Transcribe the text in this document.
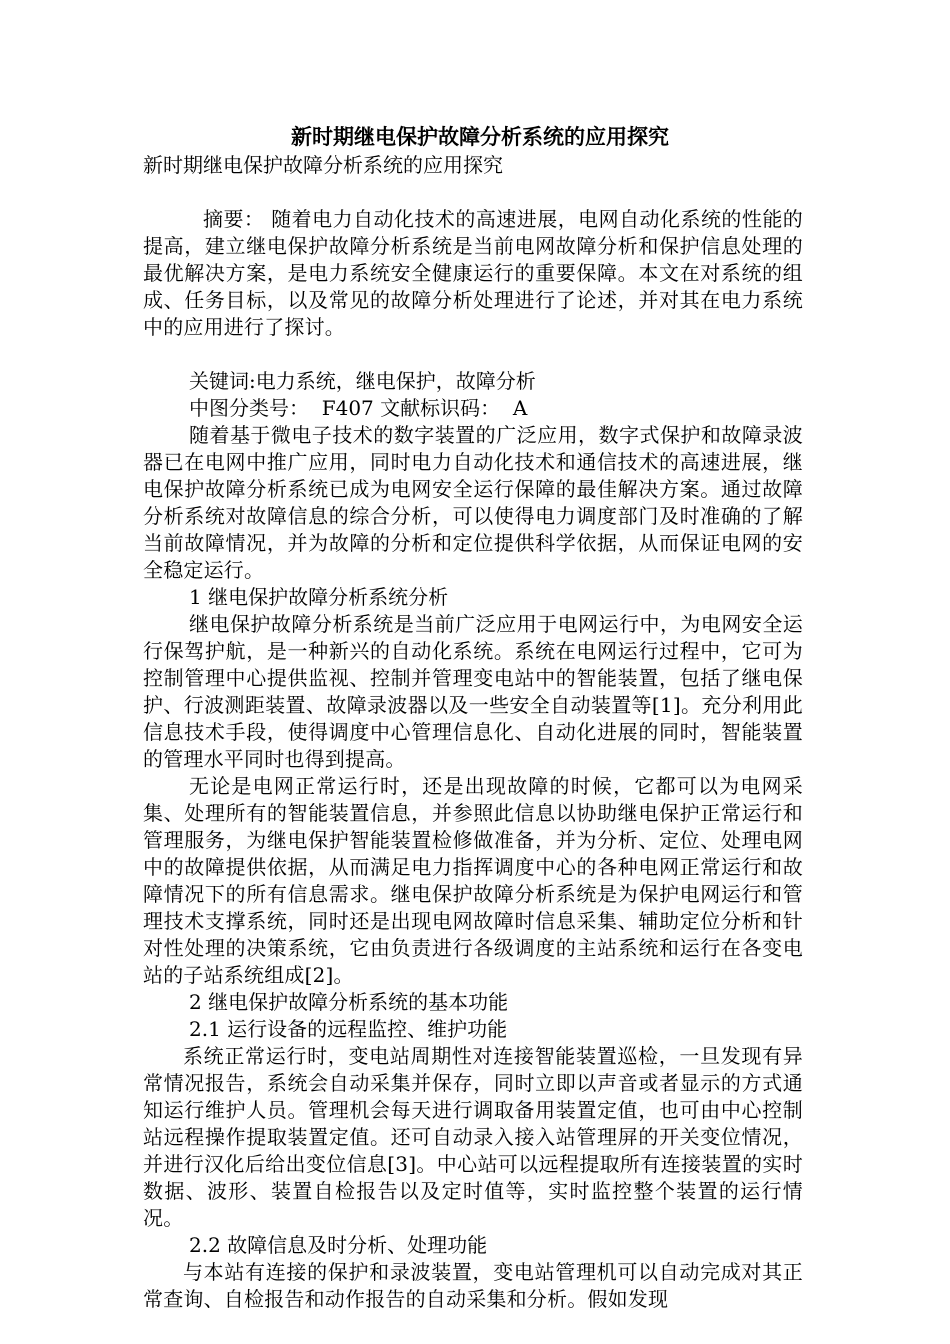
新时期继电保护故障分析系统的应用探究

新时期继电保护故障分析系统的应用探究

摘要： 随着电力自动化技术的高速进展，电网自动化系统的性能的提高，建立继电保护故障分析系统是当前电网故障分析和保护信息处理的最优解决方案，是电力系统安全健康运行的重要保障。本文在对系统的组成、任务目标，以及常见的故障分析处理进行了论述，并对其在电力系统中的应用进行了探讨。

关键词:电力系统，继电保护，故障分析

中图分类号：  F407 文献标识码：  A

随着基于微电子技术的数字装置的广泛应用，数字式保护和故障录波器已在电网中推广应用，同时电力自动化技术和通信技术的高速进展，继电保护故障分析系统已成为电网安全运行保障的最佳解决方案。通过故障分析系统对故障信息的综合分析，可以使得电力调度部门及时准确的了解当前故障情况，并为故障的分析和定位提供科学依据，从而保证电网的安全稳定运行。

1 继电保护故障分析系统分析

继电保护故障分析系统是当前广泛应用于电网运行中，为电网安全运行保驾护航，是一种新兴的自动化系统。系统在电网运行过程中，它可为控制管理中心提供监视、控制并管理变电站中的智能装置，包括了继电保护、行波测距装置、故障录波器以及一些安全自动装置等[1]。充分利用此信息技术手段，使得调度中心管理信息化、自动化进展的同时，智能装置的管理水平同时也得到提高。

无论是电网正常运行时，还是出现故障的时候，它都可以为电网采集、处理所有的智能装置信息，并参照此信息以协助继电保护正常运行和管理服务，为继电保护智能装置检修做准备，并为分析、定位、处理电网中的故障提供依据，从而满足电力指挥调度中心的各种电网正常运行和故障情况下的所有信息需求。继电保护故障分析系统是为保护电网运行和管理技术支撑系统，同时还是出现电网故障时信息采集、辅助定位分析和针对性处理的决策系统，它由负责进行各级调度的主站系统和运行在各变电站的子站系统组成[2]。

2 继电保护故障分析系统的基本功能

2.1 运行设备的远程监控、维护功能

系统正常运行时，变电站周期性对连接智能装置巡检，一旦发现有异常情况报告，系统会自动采集并保存，同时立即以声音或者显示的方式通知运行维护人员。管理机会每天进行调取备用装置定值，也可由中心控制站远程操作提取装置定值。还可自动录入接入站管理屏的开关变位情况，并进行汉化后给出变位信息[3]。中心站可以远程提取所有连接装置的实时数据、波形、装置自检报告以及定时值等，实时监控整个装置的运行情况。

2.2 故障信息及时分析、处理功能

与本站有连接的保护和录波装置，变电站管理机可以自动完成对其正常查询、自检报告和动作报告的自动采集和分析。假如发现
